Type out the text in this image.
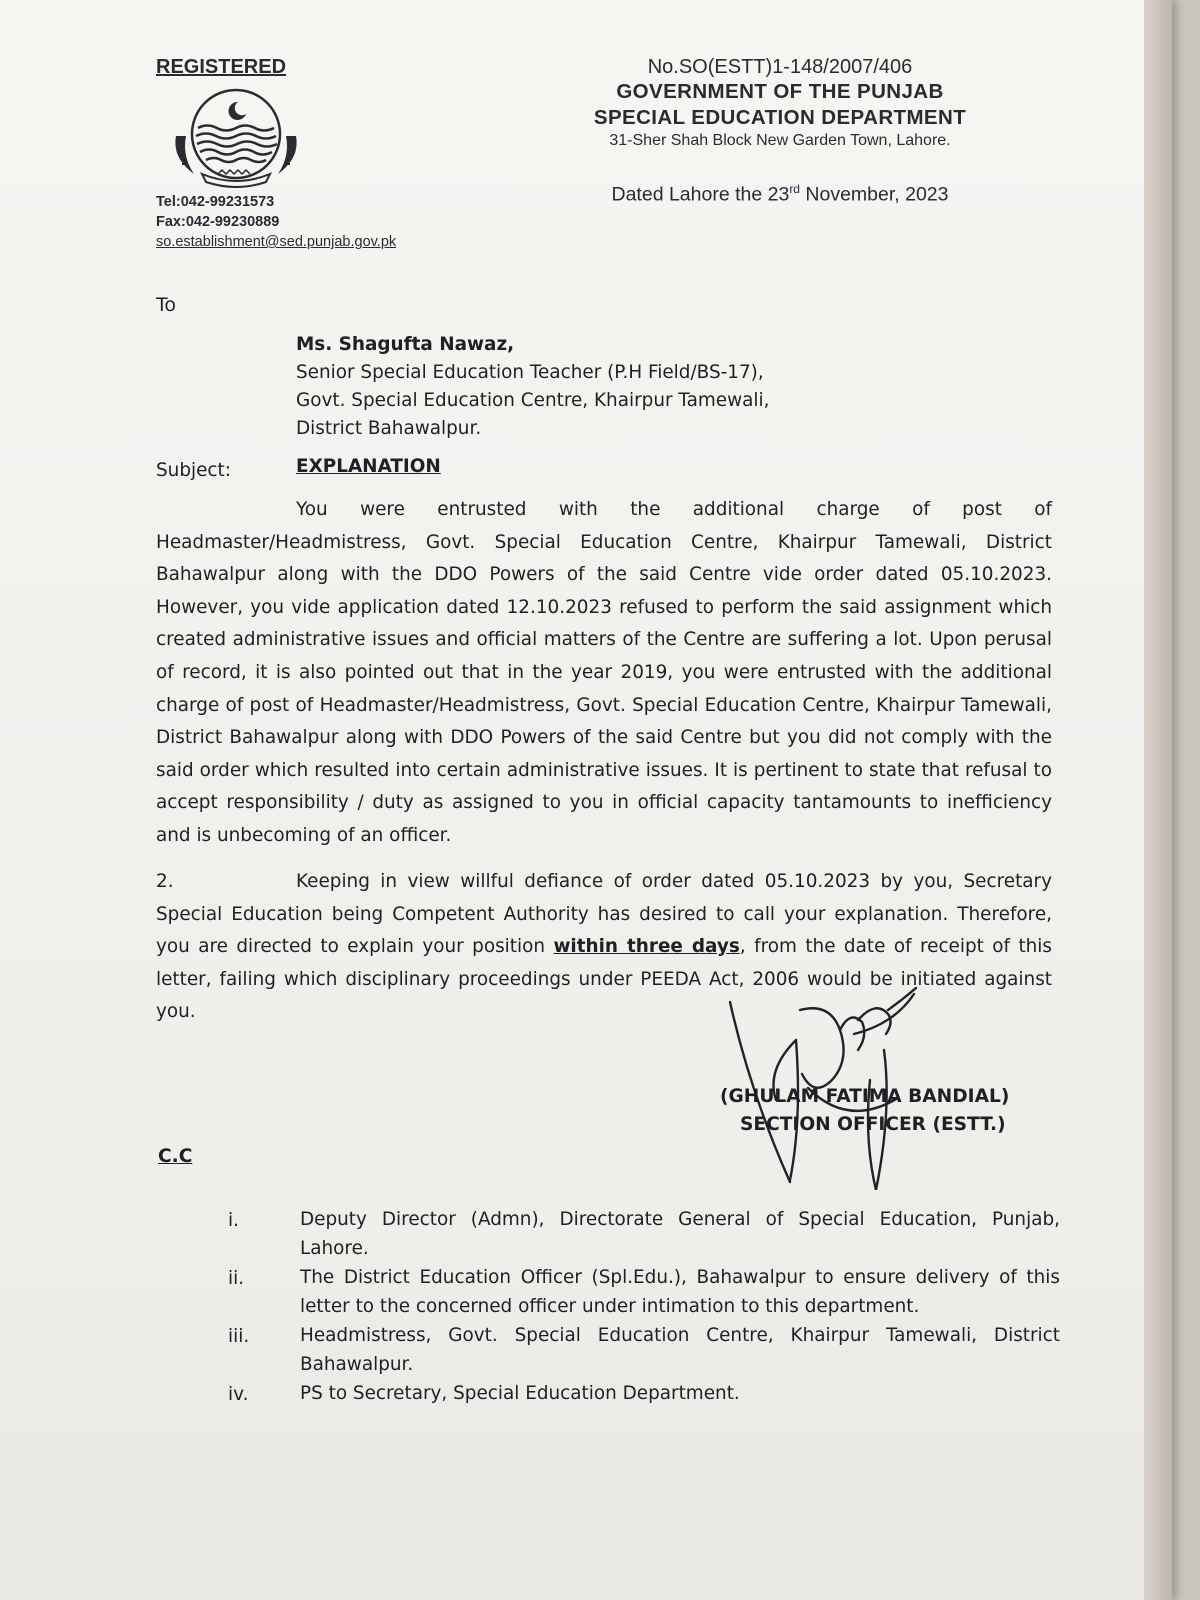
REGISTERED
Tel:042-99231573
Fax:042-99230889
so.establishment@sed.punjab.gov.pk
No.SO(ESTT)1-148/2007/406
GOVERNMENT OF THE PUNJAB
SPECIAL EDUCATION DEPARTMENT
31-Sher Shah Block New Garden Town, Lahore.
Dated Lahore the 23rd November, 2023
To
Ms. Shagufta Nawaz,
Senior Special Education Teacher (P.H Field/BS-17),
Govt. Special Education Centre, Khairpur Tamewali,
District Bahawalpur.
Subject:	EXPLANATION
You were entrusted with the additional charge of post of Headmaster/Headmistress, Govt. Special Education Centre, Khairpur Tamewali, District Bahawalpur along with the DDO Powers of the said Centre vide order dated 05.10.2023. However, you vide application dated 12.10.2023 refused to perform the said assignment which created administrative issues and official matters of the Centre are suffering a lot. Upon perusal of record, it is also pointed out that in the year 2019, you were entrusted with the additional charge of post of Headmaster/Headmistress, Govt. Special Education Centre, Khairpur Tamewali, District Bahawalpur along with DDO Powers of the said Centre but you did not comply with the said order which resulted into certain administrative issues. It is pertinent to state that refusal to accept responsibility / duty as assigned to you in official capacity tantamounts to inefficiency and is unbecoming of an officer.
2.	Keeping in view willful defiance of order dated 05.10.2023 by you, Secretary Special Education being Competent Authority has desired to call your explanation. Therefore, you are directed to explain your position within three days, from the date of receipt of this letter, failing which disciplinary proceedings under PEEDA Act, 2006 would be initiated against you.
(GHULAM FATIMA BANDIAL)
SECTION OFFICER (ESTT.)
C.C
i.	Deputy Director (Admn), Directorate General of Special Education, Punjab, Lahore.
ii.	The District Education Officer (Spl.Edu.), Bahawalpur to ensure delivery of this letter to the concerned officer under intimation to this department.
iii.	Headmistress, Govt. Special Education Centre, Khairpur Tamewali, District Bahawalpur.
iv.	PS to Secretary, Special Education Department.
